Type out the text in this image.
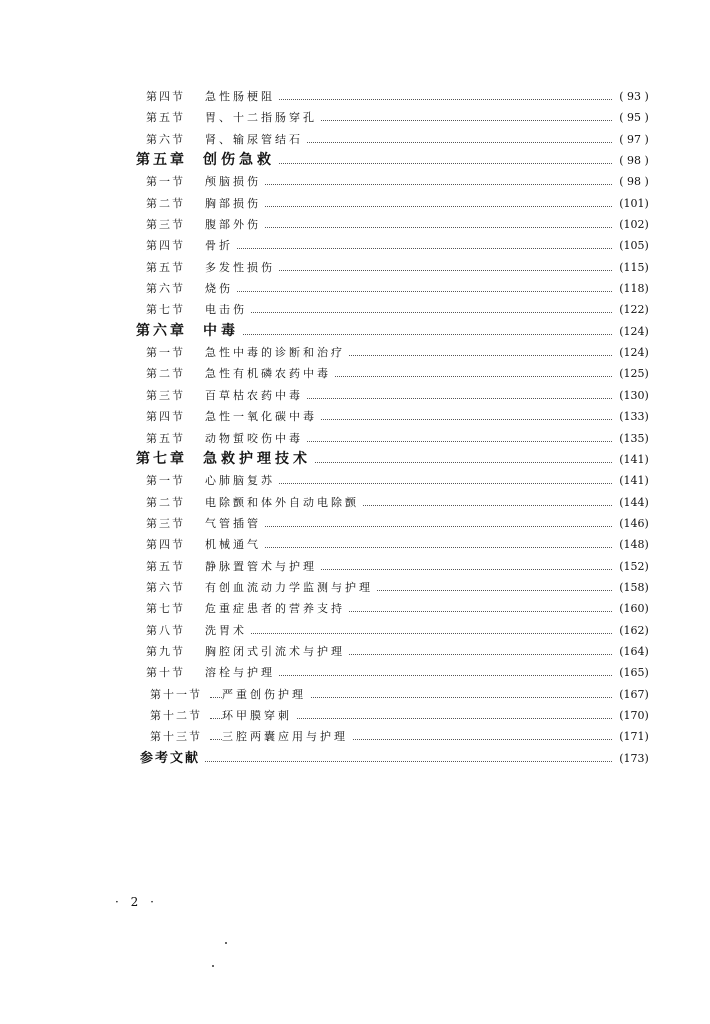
第四节 急性肠梗阻	( 93 )
第五节 胃、十二指肠穿孔	( 95 )
第六节 肾、输尿管结石	( 97 )
第五章 创伤急救	( 98 )
第一节 颅脑损伤	( 98 )
第二节 胸部损伤	(101)
第三节 腹部外伤	(102)
第四节 骨折	(105)
第五节 多发性损伤	(115)
第六节 烧伤	(118)
第七节 电击伤	(122)
第六章 中毒	(124)
第一节 急性中毒的诊断和治疗	(124)
第二节 急性有机磷农药中毒	(125)
第三节 百草枯农药中毒	(130)
第四节 急性一氧化碳中毒	(133)
第五节 动物蜇咬伤中毒	(135)
第七章 急救护理技术	(141)
第一节 心肺脑复苏	(141)
第二节 电除颤和体外自动电除颤	(144)
第三节 气管插管	(146)
第四节 机械通气	(148)
第五节 静脉置管术与护理	(152)
第六节 有创血流动力学监测与护理	(158)
第七节 危重症患者的营养支持	(160)
第八节 洗胃术	(162)
第九节 胸腔闭式引流术与护理	(164)
第十节 溶栓与护理	(165)
第十一节 严重创伤护理	(167)
第十二节 环甲膜穿刺	(170)
第十三节 三腔两囊应用与护理	(171)
参考文献	(173)
· 2 ·
